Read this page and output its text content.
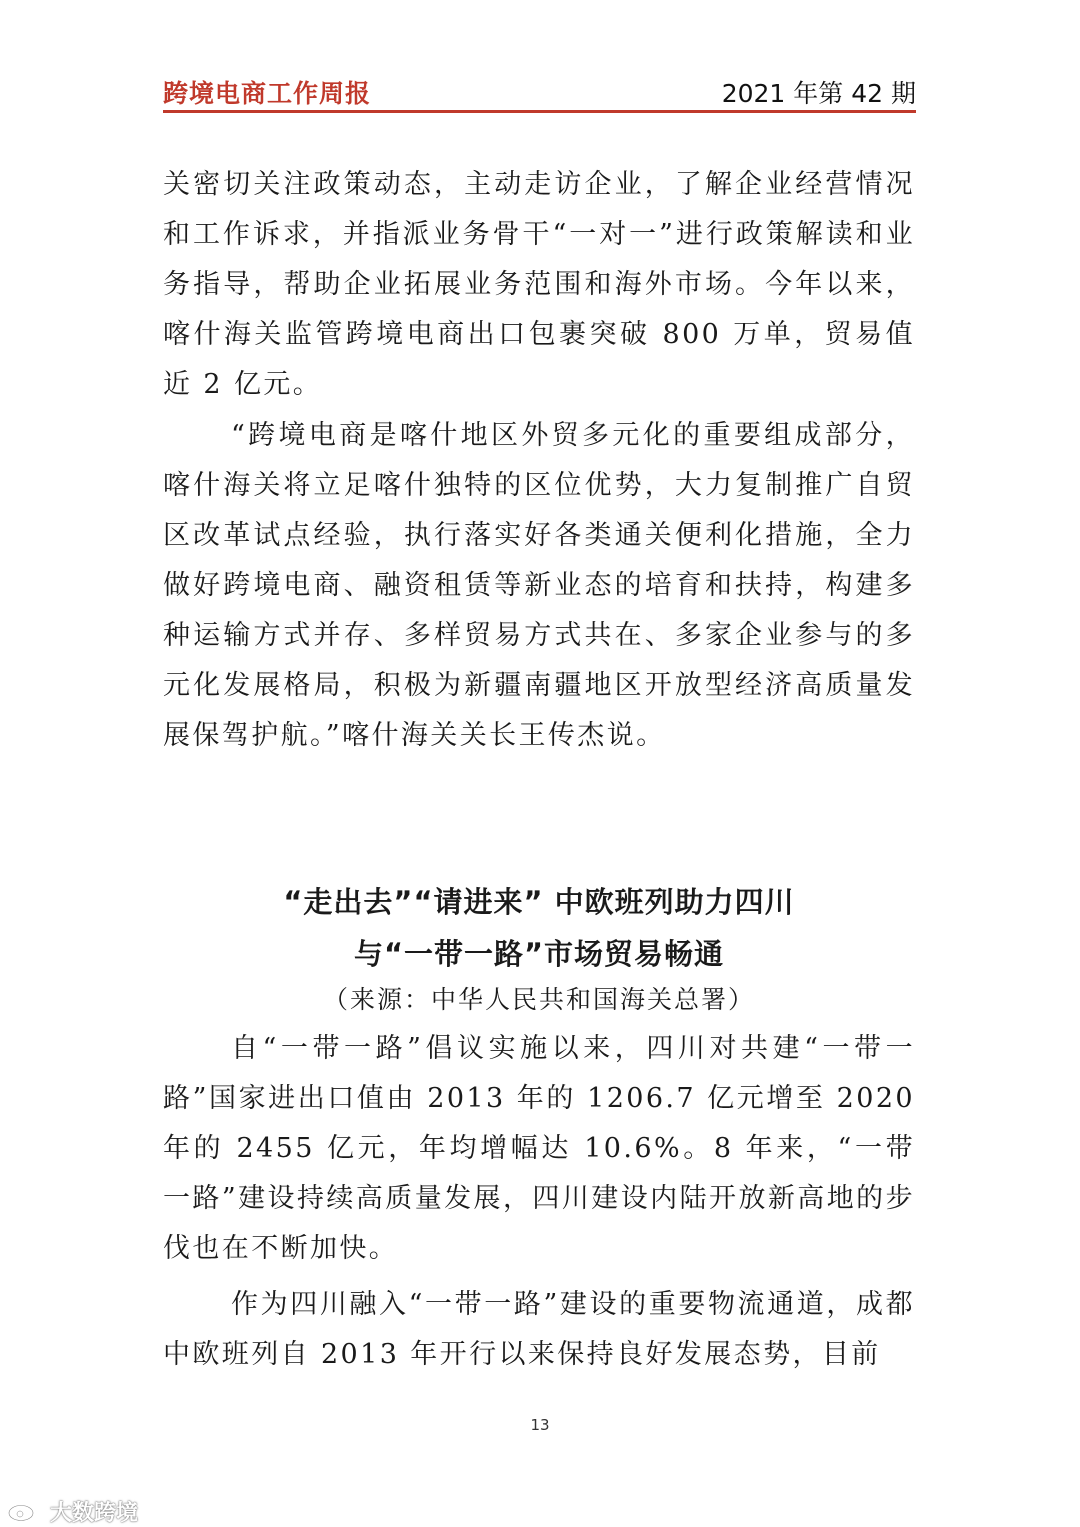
跨境电商工作周报	2021 年第 42 期

关密切关注政策动态，主动走访企业，了解企业经营情况和工作诉求，并指派业务骨干“一对一”进行政策解读和业务指导，帮助企业拓展业务范围和海外市场。今年以来，喀什海关监管跨境电商出口包裹突破 800 万单，贸易值近 2 亿元。

“跨境电商是喀什地区外贸多元化的重要组成部分，喀什海关将立足喀什独特的区位优势，大力复制推广自贸区改革试点经验，执行落实好各类通关便利化措施，全力做好跨境电商、融资租赁等新业态的培育和扶持，构建多种运输方式并存、多样贸易方式共在、多家企业参与的多元化发展格局，积极为新疆南疆地区开放型经济高质量发展保驾护航。”喀什海关关长王传杰说。

“走出去”“请进来” 中欧班列助力四川
与“一带一路”市场贸易畅通
（来源：中华人民共和国海关总署）

自“一带一路”倡议实施以来，四川对共建“一带一路”国家进出口值由 2013 年的 1206.7 亿元增至 2020 年的 2455 亿元，年均增幅达 10.6%。8 年来，“一带一路”建设持续高质量发展，四川建设内陆开放新高地的步伐也在不断加快。

作为四川融入“一带一路”建设的重要物流通道，成都中欧班列自 2013 年开行以来保持良好发展态势，目前

13
大数跨境
